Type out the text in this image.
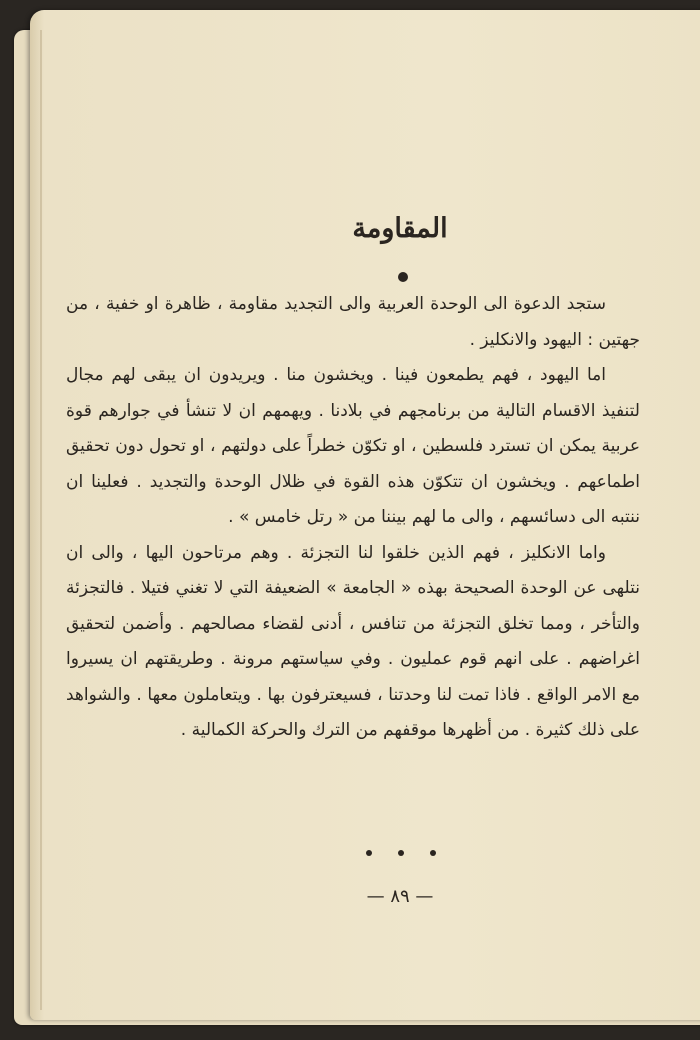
المقاومة

ستجد الدعوة الى الوحدة العربية والى التجديد مقاومة ، ظاهرة او خفية ، من جهتين : اليهود والانكليز .

اما اليهود ، فهم يطمعون فينا . ويخشون منا . ويريدون ان يبقى لهم مجال لتنفيذ الاقسام التالية من برنامجهم في بلادنا . ويهمهم ان لا تنشأ في جوارهم قوة عربية يمكن ان تسترد فلسطين ، او تكوّن خطراً على دولتهم ، او تحول دون تحقيق اطماعهم . ويخشون ان تتكوّن هذه القوة في ظلال الوحدة والتجديد . فعلينا ان ننتبه الى دسائسهم ، والى ما لهم بيننا من « رتل خامس » .

واما الانكليز ، فهم الذين خلقوا لنا التجزئة . وهم مرتاحون اليها ، والى ان نتلهى عن الوحدة الصحيحة بهذه « الجامعة » الضعيفة التي لا تغني فتيلا . فالتجزئة والتأخر ، ومما تخلق التجزئة من تنافس ، أدنى لقضاء مصالحهم . وأضمن لتحقيق اغراضهم . على انهم قوم عمليون . وفي سياستهم مرونة . وطريقتهم ان يسيروا مع الامر الواقع . فاذا تمت لنا وحدتنا ، فسيعترفون بها . ويتعاملون معها . والشواهد على ذلك كثيرة . من أظهرها موقفهم من الترك والحركة الكمالية .

— ٨٩ —
